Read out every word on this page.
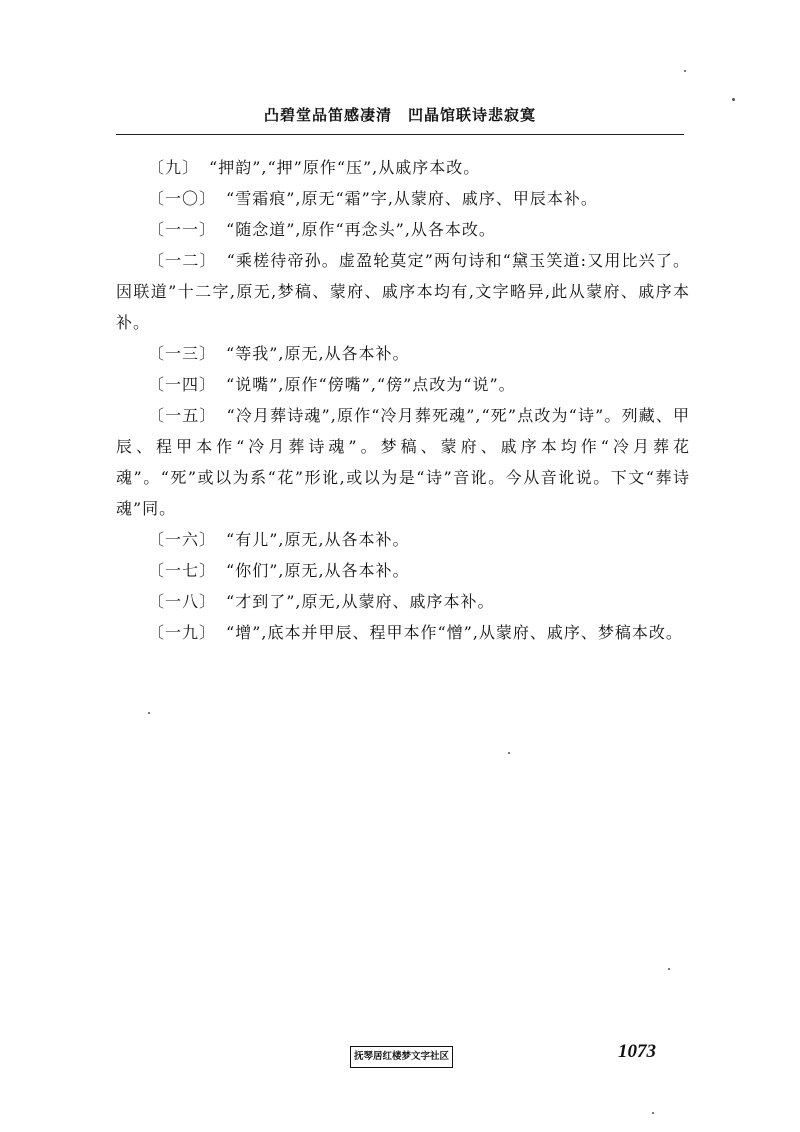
凸碧堂品笛感凄清　凹晶馆联诗悲寂寞

〔九〕 “押韵”,“押”原作“压”,从戚序本改。

〔一〇〕 “雪霜痕”,原无“霜”字,从蒙府、戚序、甲辰本补。

〔一一〕 “随念道”,原作“再念头”,从各本改。

〔一二〕 “乘槎待帝孙。虚盈轮莫定”两句诗和“黛玉笑道:又用比兴了。因联道”十二字,原无,梦稿、蒙府、戚序本均有,文字略异,此从蒙府、戚序本补。

〔一三〕 “等我”,原无,从各本补。

〔一四〕 “说嘴”,原作“傍嘴”,“傍”点改为“说”。

〔一五〕 “冷月葬诗魂”,原作“冷月葬死魂”,“死”点改为“诗”。列藏、甲辰、程甲本作“冷月葬诗魂”。梦稿、蒙府、戚序本均作“冷月葬花魂”。“死”或以为系“花”形讹,或以为是“诗”音讹。今从音讹说。下文“葬诗魂”同。

〔一六〕 “有儿”,原无,从各本补。

〔一七〕 “你们”,原无,从各本补。

〔一八〕 “才到了”,原无,从蒙府、戚序本补。

〔一九〕 “增”,底本并甲辰、程甲本作“憎”,从蒙府、戚序、梦稿本改。

抚琴居红楼梦文字社区	1073
